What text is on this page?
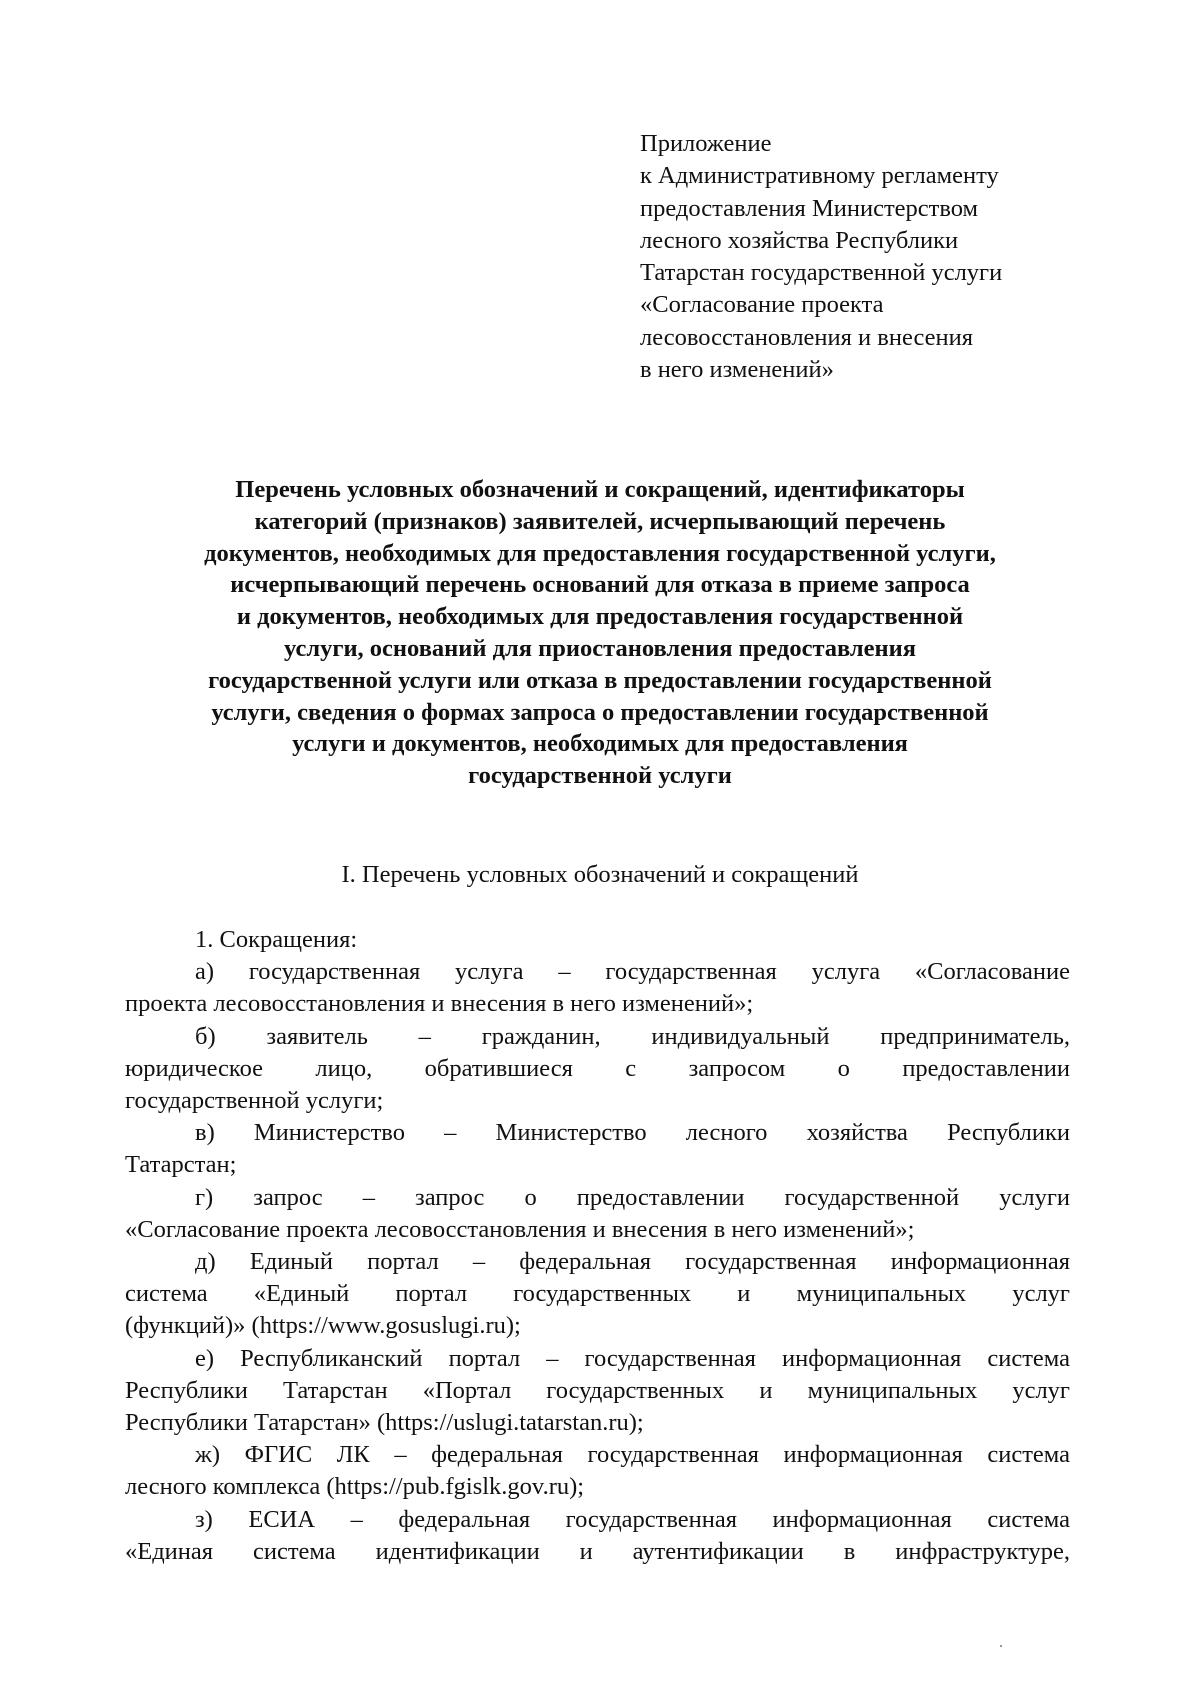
Приложение
к Административному регламенту
предоставления Министерством
лесного хозяйства Республики
Татарстан государственной услуги
«Согласование проекта
лесовосстановления и внесения
в него изменений»
Перечень условных обозначений и сокращений, идентификаторы
категорий (признаков) заявителей, исчерпывающий перечень
документов, необходимых для предоставления государственной услуги,
исчерпывающий перечень оснований для отказа в приеме запроса
и документов, необходимых для предоставления государственной
услуги, оснований для приостановления предоставления
государственной услуги или отказа в предоставлении государственной
услуги, сведения о формах запроса о предоставлении государственной
услуги и документов, необходимых для предоставления
государственной услуги
I. Перечень условных обозначений и сокращений
1. Сокращения:
а) государственная услуга – государственная услуга «Согласование
проекта лесовосстановления и внесения в него изменений»;
б) заявитель – гражданин, индивидуальный предприниматель,
юридическое лицо, обратившиеся с запросом о предоставлении
государственной услуги;
в) Министерство – Министерство лесного хозяйства Республики
Татарстан;
г) запрос – запрос о предоставлении государственной услуги
«Согласование проекта лесовосстановления и внесения в него изменений»;
д) Единый портал – федеральная государственная информационная
система «Единый портал государственных и муниципальных услуг
(функций)» (https://www.gosuslugi.ru);
е) Республиканский портал – государственная информационная система
Республики Татарстан «Портал государственных и муниципальных услуг
Республики Татарстан» (https://uslugi.tatarstan.ru);
ж) ФГИС ЛК – федеральная государственная информационная система
лесного комплекса (https://pub.fgislk.gov.ru);
з) ЕСИА – федеральная государственная информационная система
«Единая система идентификации и аутентификации в инфраструктуре,
